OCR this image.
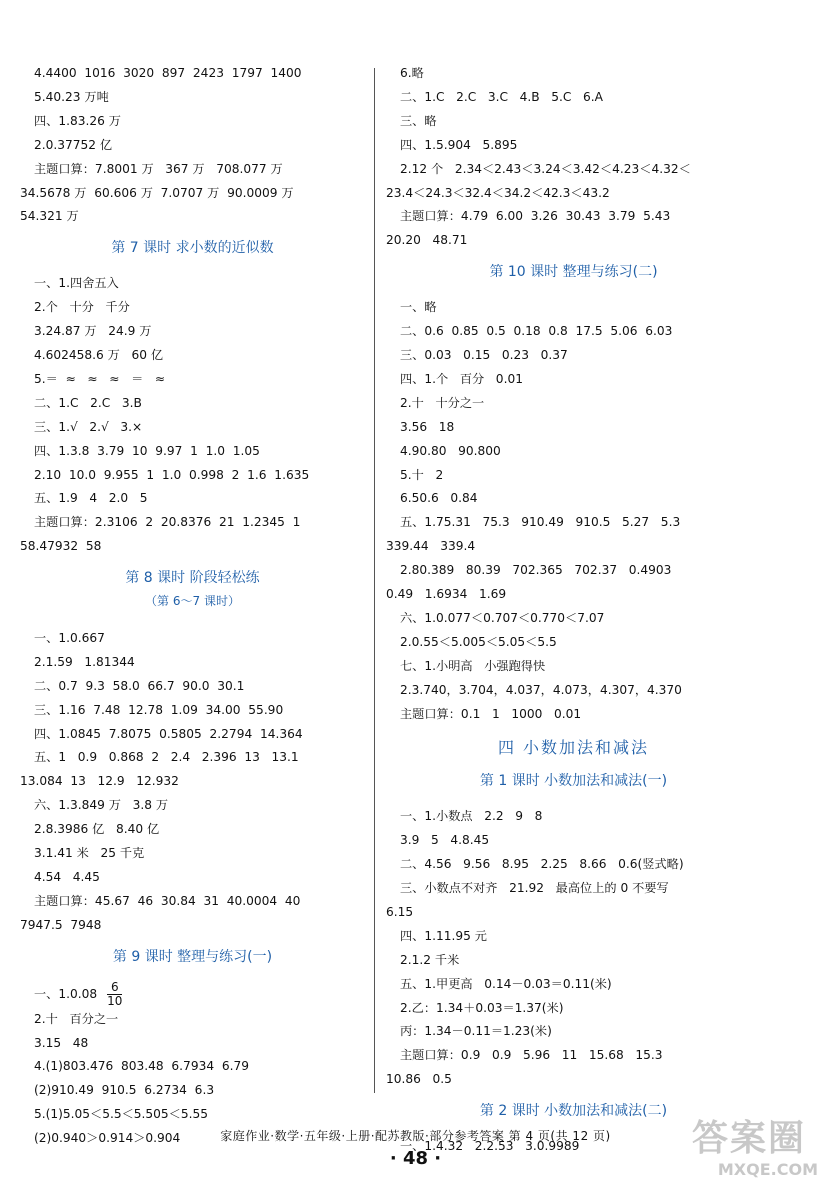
4.4400  1016  3020  897  2423  1797  1400
5.40.23 万吨
四、1.83.26 万
2.0.37752 亿
主题口算：7.8001 万   367 万   708.077 万
34.5678 万  60.606 万  7.0707 万  90.0009 万
54.321 万
第 7 课时 求小数的近似数
一、1.四舍五入
2.个   十分   千分
3.24.87 万   24.9 万
4.602458.6 万   60 亿
5.＝  ≈   ≈   ≈   ＝   ≈
二、1.C   2.C   3.B
三、1.√   2.√   3.×
四、1.3.8  3.79  10  9.97  1  1.0  1.05
2.10  10.0  9.955  1  1.0  0.998  2  1.6  1.635
五、1.9   4   2.0   5
主题口算：2.3106  2  20.8376  21  1.2345  1
58.47932  58
第 8 课时 阶段轻松练
（第 6～7 课时）
一、1.0.667
2.1.59   1.81344
二、0.7  9.3  58.0  66.7  90.0  30.1
三、1.16  7.48  12.78  1.09  34.00  55.90
四、1.0845  7.8075  0.5805  2.2794  14.364
五、1   0.9   0.868  2   2.4   2.396  13   13.1
13.084  13   12.9   12.932
六、1.3.849 万   3.8 万
2.8.3986 亿   8.40 亿
3.1.41 米   25 千克
4.54   4.45
主题口算：45.67  46  30.84  31  40.0004  40
7947.5  7948
第 9 课时 整理与练习(一)
一、$1.0.08 \frac{6}{10}$
2.十   百分之一
3.15   48
4.(1)803.476  803.48  6.7934  6.79
(2)910.49  910.5  6.2734  6.3
5.(1)5.05＜5.5＜5.505＜5.55
(2)0.940＞0.914＞0.904
6.略
二、1.C   2.C   3.C   4.B   5.C   6.A
三、略
四、1.5.904   5.895
2.12 个   2.34＜2.43＜3.24＜3.42＜4.23＜4.32＜
23.4＜24.3＜32.4＜34.2＜42.3＜43.2
主题口算：4.79  6.00  3.26  30.43  3.79  5.43
20.20   48.71
第 10 课时 整理与练习(二)
一、略
二、0.6  0.85  0.5  0.18  0.8  17.5  5.06  6.03
三、0.03   0.15   0.23   0.37
四、1.个   百分   0.01
2.十   十分之一
3.56   18
4.90.80   90.800
5.十   2
6.50.6   0.84
五、1.75.31   75.3   910.49   910.5   5.27   5.3
339.44   339.4
2.80.389   80.39   702.365   702.37   0.4903
0.49   1.6934   1.69
六、1.0.077＜0.707＜0.770＜7.07
2.0.55＜5.005＜5.05＜5.5
七、1.小明高   小强跑得快
2.3.740，3.704，4.037，4.073，4.307，4.370
主题口算：0.1   1   1000   0.01
四 小数加法和减法
第 1 课时 小数加法和减法(一)
一、1.小数点   2.2   9   8
3.9   5   4.8.45
二、4.56   9.56   8.95   2.25   8.66   0.6(竖式略)
三、小数点不对齐   21.92   最高位上的 0 不要写
6.15
四、1.11.95 元
2.1.2 千米
五、1.甲更高   0.14－0.03＝0.11(米)
2.乙：1.34＋0.03＝1.37(米)
丙：1.34－0.11＝1.23(米)
主题口算：0.9   0.9   5.96   11   15.68   15.3
10.86   0.5
第 2 课时 小数加法和减法(二)
一、1.4.32   2.2.53   3.0.9989
家庭作业·数学·五年级·上册·配苏教版·部分参考答案 第 4 页(共 12 页)
· 48 ·	答案圈
MXQE.COM
